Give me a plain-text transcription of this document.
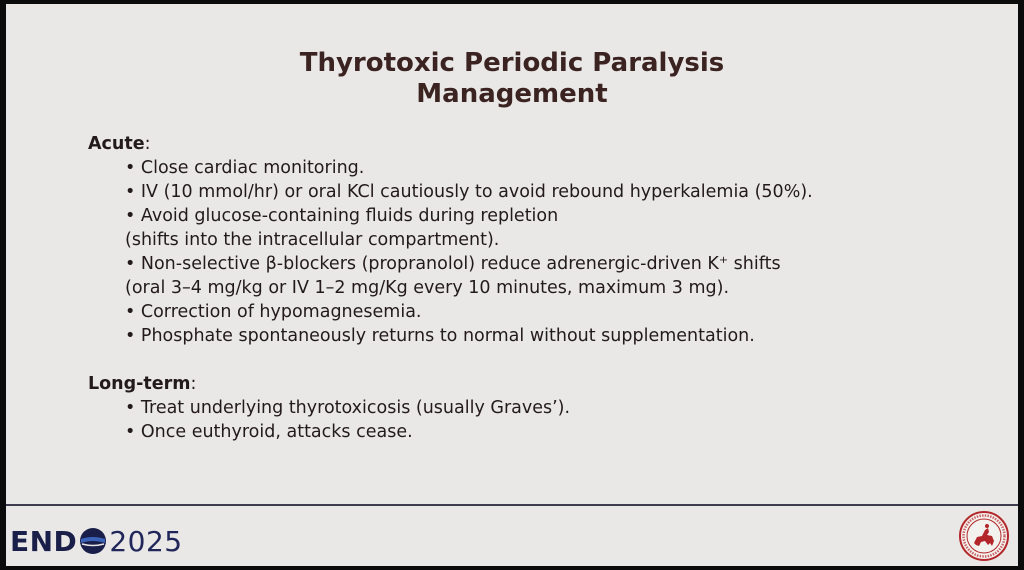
Thyrotoxic Periodic Paralysis
Management
Acute:
• Close cardiac monitoring.
• IV (10 mmol/hr) or oral KCl cautiously to avoid rebound hyperkalemia (50%).
• Avoid glucose-containing fluids during repletion
(shifts into the intracellular compartment).
• Non-selective β-blockers (propranolol) reduce adrenergic-driven K⁺ shifts
(oral 3–4 mg/kg or IV 1–2 mg/Kg every 10 minutes, maximum 3 mg).
• Correction of hypomagnesemia.
• Phosphate spontaneously returns to normal without supplementation.
Long-term:
• Treat underlying thyrotoxicosis (usually Graves’).
• Once euthyroid, attacks cease.
END 2025
